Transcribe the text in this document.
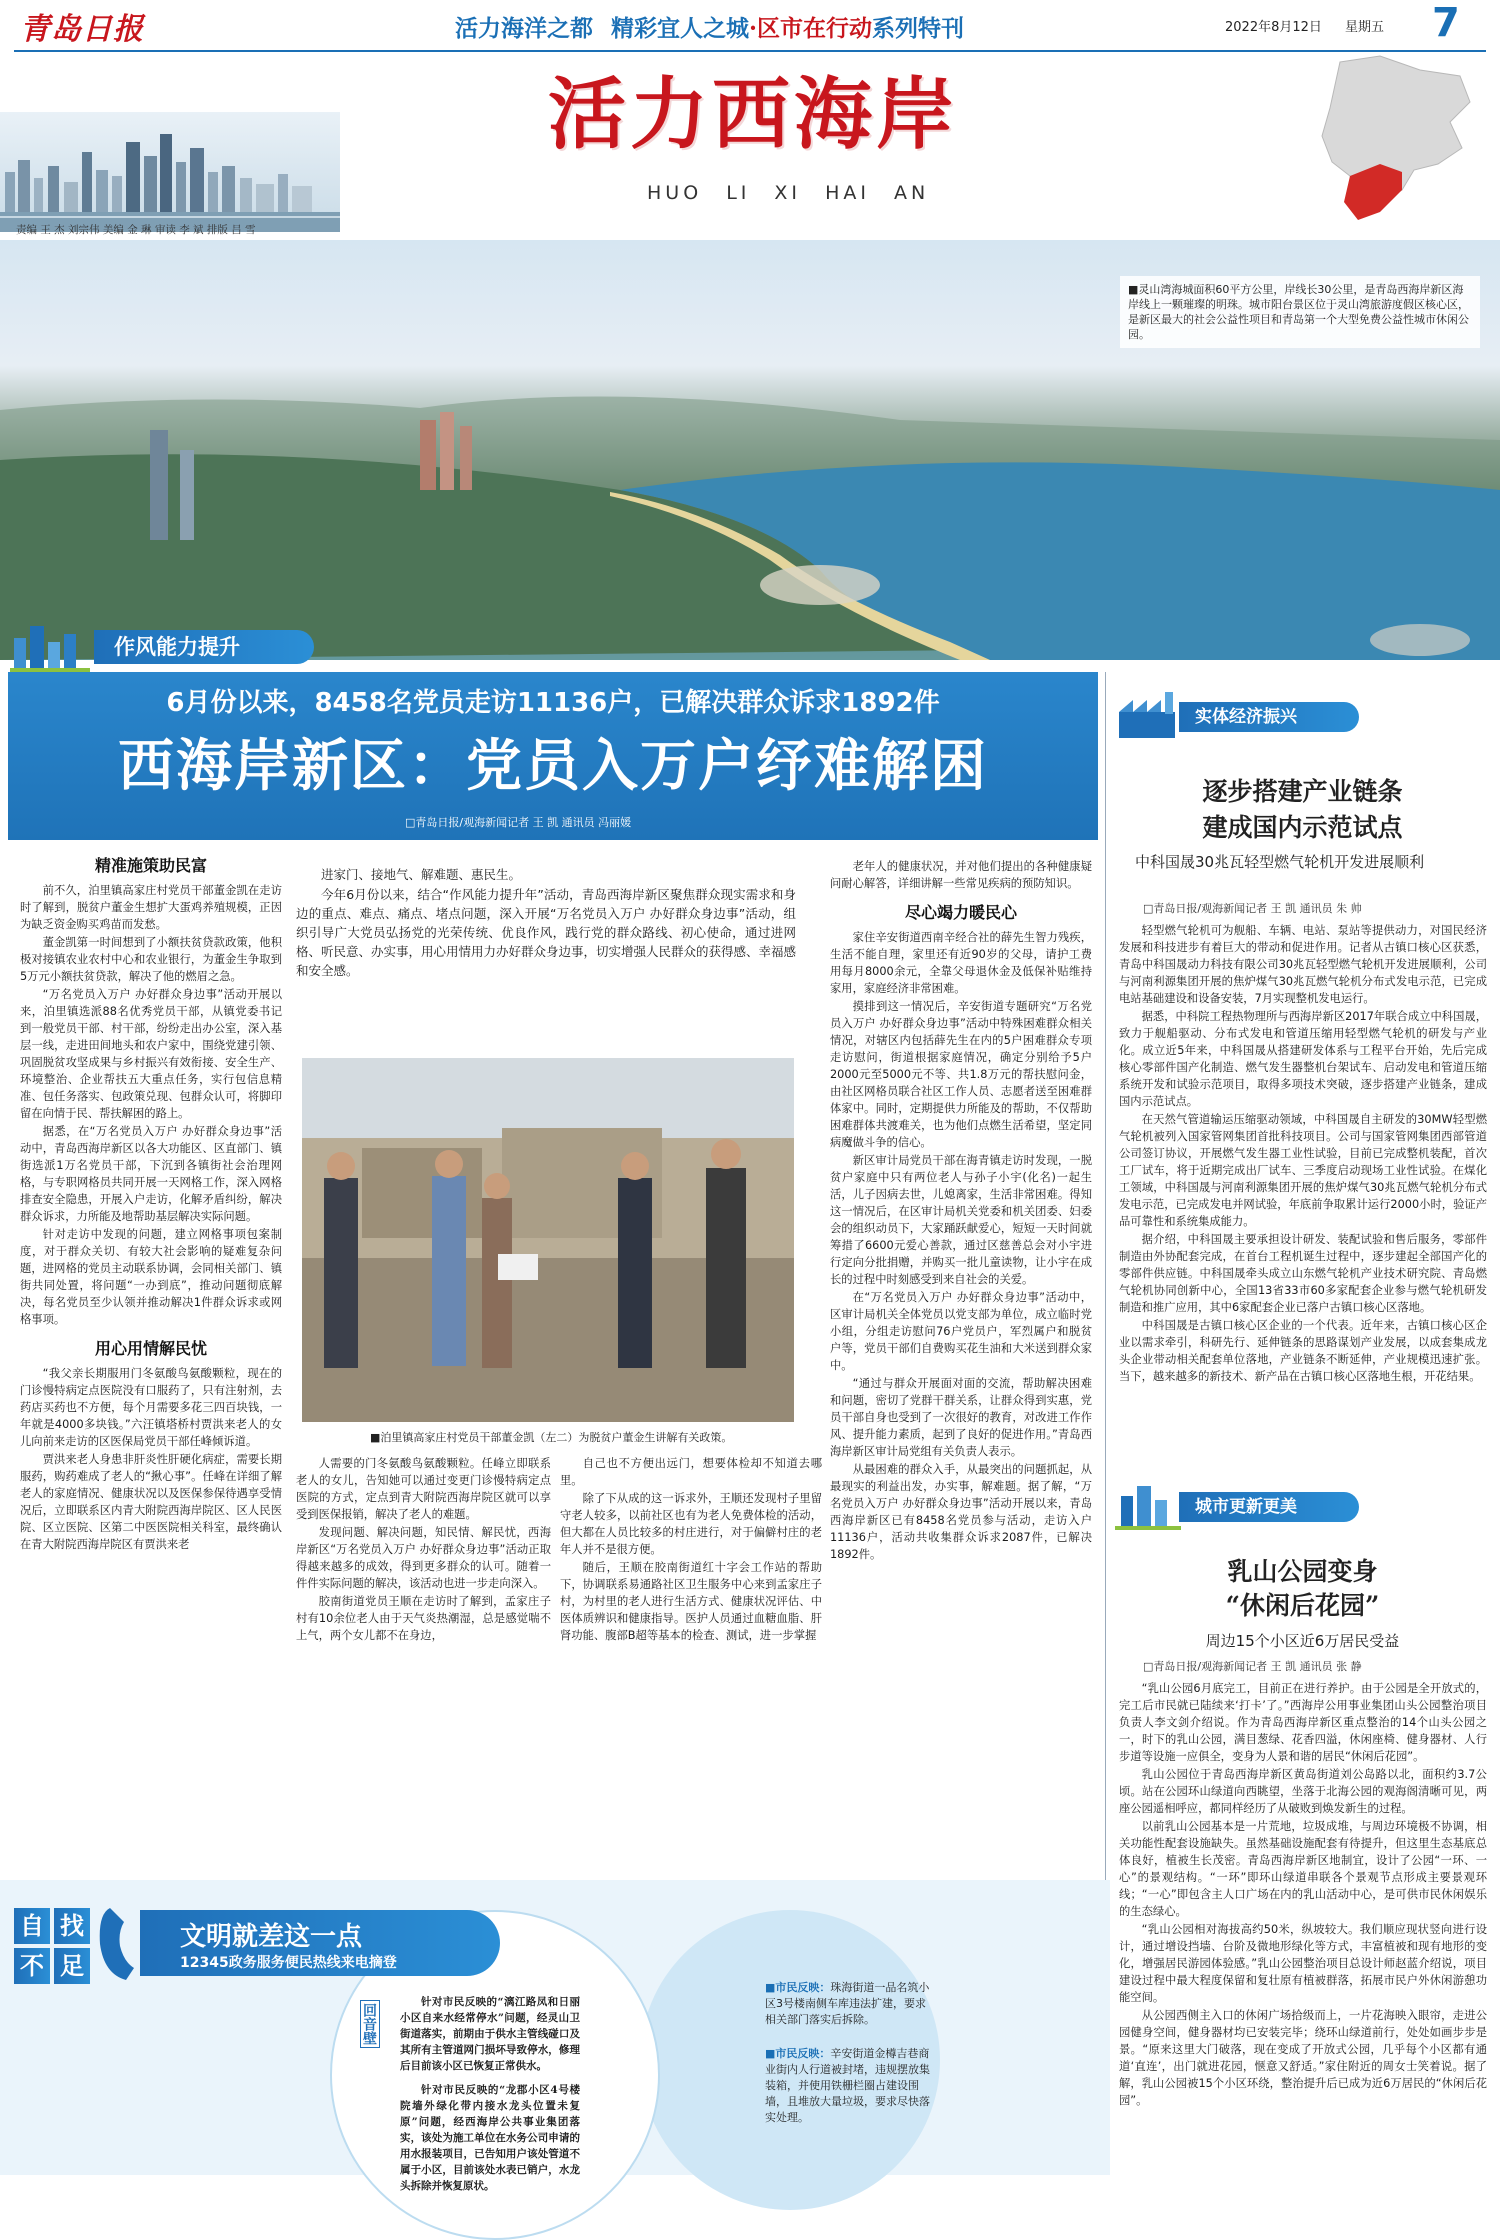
青岛日报	活力海洋之都 精彩宜人之城·区市在行动系列特刊	2022年8月12日 星期五 7
活力西海岸
HUO LI XI HAI AN
责编 王 杰 刘宗伟 美编 金 琳 审读 李 斌 排版 吕 雪
■灵山湾海城面积60平方公里，岸线长30公里，是青岛西海岸新区海岸线上一颗璀璨的明珠。城市阳台景区位于灵山湾旅游度假区核心区，是新区最大的社会公益性项目和青岛第一个大型免费公益性城市休闲公园。
作风能力提升
6月份以来，8458名党员走访11136户，已解决群众诉求1892件
西海岸新区：党员入万户纾难解困
□青岛日报/观海新闻记者 王 凯 通讯员 冯丽媛
精准施策助民富

前不久，泊里镇高家庄村党员干部董金凯在走访时了解到，脱贫户董金生想扩大蛋鸡养殖规模，正因为缺乏资金购买鸡苗而发愁。

董金凯第一时间想到了小额扶贫贷款政策，他积极对接镇农业农村中心和农业银行，为董金生争取到5万元小额扶贫贷款，解决了他的燃眉之急。

“万名党员入万户 办好群众身边事”活动开展以来，泊里镇选派88名优秀党员干部，从镇党委书记到一般党员干部、村干部，纷纷走出办公室，深入基层一线，走进田间地头和农户家中，围绕党建引领、巩固脱贫攻坚成果与乡村振兴有效衔接、安全生产、环境整治、企业帮扶五大重点任务，实行包信息精准、包任务落实、包政策兑现、包群众认可，将脚印留在向情于民、帮扶解困的路上。

据悉，在“万名党员入万户 办好群众身边事”活动中，青岛西海岸新区以各大功能区、区直部门、镇街选派1万名党员干部，下沉到各镇街社会治理网格，与专职网格员共同开展一天网格工作，深入网格排查安全隐患，开展入户走访，化解矛盾纠纷，解决群众诉求，力所能及地帮助基层解决实际问题。

针对走访中发现的问题，建立网格事项包案制度，对于群众关切、有较大社会影响的疑难复杂问题，进网格的党员主动联系协调，会同相关部门、镇街共同处置，将问题“一办到底”，推动问题彻底解决，每名党员至少认领并推动解决1件群众诉求或网格事项。

用心用情解民忧

“我父亲长期服用门冬氨酸鸟氨酸颗粒，现在的门诊慢特病定点医院没有口服药了，只有注射剂，去药店买药也不方便，每个月需要多花三四百块钱，一年就是4000多块钱。”六汪镇塔桥村贾洪来老人的女儿向前来走访的区医保局党员干部任峰倾诉道。

贾洪来老人身患非肝炎性肝硬化病症，需要长期服药，购药难成了老人的“揪心事”。任峰在详细了解老人的家庭情况、健康状况以及医保参保待遇享受情况后，立即联系区内青大附院西海岸院区、区人民医院、区立医院、区第二中医医院相关科室，最终确认在青大附院西海岸院区有贾洪来老

进家门、接地气、解难题、惠民生。

今年6月份以来，结合“作风能力提升年”活动，青岛西海岸新区聚焦群众现实需求和身边的重点、难点、痛点、堵点问题，深入开展“万名党员入万户 办好群众身边事”活动，组织引导广大党员弘扬党的光荣传统、优良作风，践行党的群众路线、初心使命，通过进网格、听民意、办实事，用心用情用力办好群众身边事，切实增强人民群众的获得感、幸福感和安全感。

■泊里镇高家庄村党员干部董金凯（左二）为脱贫户董金生讲解有关政策。

人需要的门冬氨酸鸟氨酸颗粒。任峰立即联系老人的女儿，告知她可以通过变更门诊慢特病定点医院的方式，定点到青大附院西海岸院区就可以享受到医保报销，解决了老人的难题。

发现问题、解决问题，知民情、解民忧，西海岸新区“万名党员入万户 办好群众身边事”活动正取得越来越多的成效，得到更多群众的认可。随着一件件实际问题的解决，该活动也进一步走向深入。

胶南街道党员王顺在走访时了解到，孟家庄子村有10余位老人由于天气炎热潮湿，总是感觉喘不上气，两个女儿都不在身边，

自己也不方便出远门，想要体检却不知道去哪里。

除了下从成的这一诉求外，王顺还发现村子里留守老人较多，以前社区也有为老人免费体检的活动，但大都在人员比较多的村庄进行，对于偏僻村庄的老年人并不是很方便。

随后，王顺在胶南街道红十字会工作站的帮助下，协调联系易通路社区卫生服务中心来到孟家庄子村，为村里的老人进行生活方式、健康状况评估、中医体质辨识和健康指导。医护人员通过血糖血脂、肝肾功能、腹部B超等基本的检查、测试，进一步掌握

老年人的健康状况，并对他们提出的各种健康疑问耐心解答，详细讲解一些常见疾病的预防知识。

尽心竭力暖民心

家住辛安街道西南辛经合社的薛先生智力残疾，生活不能自理，家里还有近90岁的父母，请护工费用每月8000余元，全靠父母退休金及低保补贴维持家用，家庭经济非常困难。

摸排到这一情况后，辛安街道专题研究“万名党员入万户 办好群众身边事”活动中特殊困难群众相关情况，对辖区内包括薛先生在内的5户困难群众专项走访慰问，街道根据家庭情况，确定分别给予5户2000元至5000元不等、共1.8万元的帮扶慰问金，由社区网格员联合社区工作人员、志愿者送至困难群体家中。同时，定期提供力所能及的帮助，不仅帮助困难群体共渡难关，也为他们点燃生活希望，坚定同病魔做斗争的信心。

新区审计局党员干部在海青镇走访时发现，一脱贫户家庭中只有两位老人与孙子小宇(化名)一起生活，儿子因病去世，儿媳离家，生活非常困难。得知这一情况后，在区审计局机关党委和机关团委、妇委会的组织动员下，大家踊跃献爱心，短短一天时间就筹措了6600元爱心善款，通过区慈善总会对小宇进行定向分批捐赠，并购买一批儿童读物，让小宇在成长的过程中时刻感受到来自社会的关爱。

在“万名党员入万户 办好群众身边事”活动中，区审计局机关全体党员以党支部为单位，成立临时党小组，分组走访慰问76户党员户，军烈属户和脱贫户等，党员干部们自费购买花生油和大米送到群众家中。

“通过与群众开展面对面的交流，帮助解决困难和问题，密切了党群干群关系，让群众得到实惠，党员干部自身也受到了一次很好的教育，对改进工作作风、提升能力素质，起到了良好的促进作用。”青岛西海岸新区审计局党组有关负责人表示。

从最困难的群众入手，从最突出的问题抓起，从最现实的利益出发，办实事，解难题。据了解，“万名党员入万户 办好群众身边事”活动开展以来，青岛西海岸新区已有8458名党员参与活动，走访入户11136户，活动共收集群众诉求2087件，已解决1892件。

实体经济振兴
逐步搭建产业链条
建成国内示范试点
中科国晟30兆瓦轻型燃气轮机开发进展顺利
□青岛日报/观海新闻记者 王 凯 通讯员 朱 帅

轻型燃气轮机可为舰船、车辆、电站、泵站等提供动力，对国民经济发展和科技进步有着巨大的带动和促进作用。记者从古镇口核心区获悉，青岛中科国晟动力科技有限公司30兆瓦轻型燃气轮机开发进展顺利，公司与河南利源集团开展的焦炉煤气30兆瓦燃气轮机分布式发电示范，已完成电站基础建设和设备安装，7月实现整机发电运行。

据悉，中科院工程热物理所与西海岸新区2017年联合成立中科国晟，致力于舰船驱动、分布式发电和管道压缩用轻型燃气轮机的研发与产业化。成立近5年来，中科国晟从搭建研发体系与工程平台开始，先后完成核心零部件国产化制造、燃气发生器整机台架试车、启动发电和管道压缩系统开发和试验示范项目，取得多项技术突破，逐步搭建产业链条，建成国内示范试点。

在天然气管道输运压缩驱动领域，中科国晟自主研发的30MW轻型燃气轮机被列入国家管网集团首批科技项目。公司与国家管网集团西部管道公司签订协议，开展燃气发生器工业性试验，目前已完成整机装配，首次工厂试车，将于近期完成出厂试车、三季度启动现场工业性试验。在煤化工领域，中科国晟与河南利源集团开展的焦炉煤气30兆瓦燃气轮机分布式发电示范，已完成发电并网试验，年底前争取累计运行2000小时，验证产品可靠性和系统集成能力。

据介绍，中科国晟主要承担设计研发、装配试验和售后服务，零部件制造由外协配套完成，在首台工程机诞生过程中，逐步建起全部国产化的零部件供应链。中科国晟牵头成立山东燃气轮机产业技术研究院、青岛燃气轮机协同创新中心，全国13省33市60多家配套企业参与燃气轮机研发制造和推广应用，其中6家配套企业已落户古镇口核心区落地。

中科国晟是古镇口核心区企业的一个代表。近年来，古镇口核心区企业以需求牵引，科研先行、延伸链条的思路谋划产业发展，以成套集成龙头企业带动相关配套单位落地，产业链条不断延伸，产业规模迅速扩张。当下，越来越多的新技术、新产品在古镇口核心区落地生根，开花结果。

城市更新更美
乳山公园变身
“休闲后花园”
周边15个小区近6万居民受益
□青岛日报/观海新闻记者 王 凯 通讯员 张 静

“乳山公园6月底完工，目前正在进行养护。由于公园是全开放式的，完工后市民就已陆续来‘打卡’了。”西海岸公用事业集团山头公园整治项目负责人李文剑介绍说。作为青岛西海岸新区重点整治的14个山头公园之一，时下的乳山公园，满目葱绿、花香四溢，休闲座椅、健身器材、人行步道等设施一应俱全，变身为人景和谐的居民“休闲后花园”。

乳山公园位于青岛西海岸新区黄岛街道刘公岛路以北，面积约3.7公顷。站在公园环山绿道向西眺望，坐落于北海公园的观海阁清晰可见，两座公园遥相呼应，都同样经历了从破败到焕发新生的过程。

以前乳山公园基本是一片荒地，垃圾成堆，与周边环境极不协调，相关功能性配套设施缺失。虽然基础设施配套有待提升，但这里生态基底总体良好，植被生长茂密。青岛西海岸新区地制宜，设计了公园“一环、一心”的景观结构。“一环”即环山绿道串联各个景观节点形成主要景观环线；“一心”即包含主人口广场在内的乳山活动中心，是可供市民休闲娱乐的生态绿心。

“乳山公园相对海拔高约50米，纵坡较大。我们顺应现状竖向进行设计，通过增设挡墙、台阶及微地形绿化等方式，丰富植被和现有地形的变化，增强居民游园体验感。”乳山公园整治项目总设计师赵蓝介绍说，项目建设过程中最大程度保留和复壮原有植被群落，拓展市民户外休闲游憩功能空间。

从公园西侧主入口的休闲广场拾级而上，一片花海映入眼帘，走进公园健身空间，健身器材均已安装完毕；绕环山绿道前行，处处如画步步是景。“原来这里大门破落，现在变成了开放式公园，几乎每个小区都有通道‘直连’，出门就进花园，惬意又舒适。”家住附近的周女士笑着说。据了解，乳山公园被15个小区环绕，整治提升后已成为近6万居民的“休闲后花园”。

自 找
不 足
文明就差这一点
12345政务服务便民热线来电摘登
回音壁

针对市民反映的“漓江路凤和日丽小区自来水经常停水”问题，经灵山卫街道落实，前期由于供水主管线碰口及其所有主管道网门损坏导致停水，修理后目前该小区已恢复正常供水。

针对市民反映的“龙郡小区4号楼院墙外绿化带内接水龙头位置未复原”问题，经西海岸公共事业集团落实，该处为施工单位在水务公司申请的用水报装项目，已告知用户该处管道不属于小区，目前该处水表已销户，水龙头拆除并恢复原状。

■市民反映：珠海街道一品名筑小区3号楼南侧车库违法扩建，要求相关部门落实后拆除。
■市民反映：辛安街道金樽吉巷商业街内人行道被封堵，违规摆放集装箱，并使用铁栅栏圈占建设围墙，且堆放大量垃圾，要求尽快落实处理。
